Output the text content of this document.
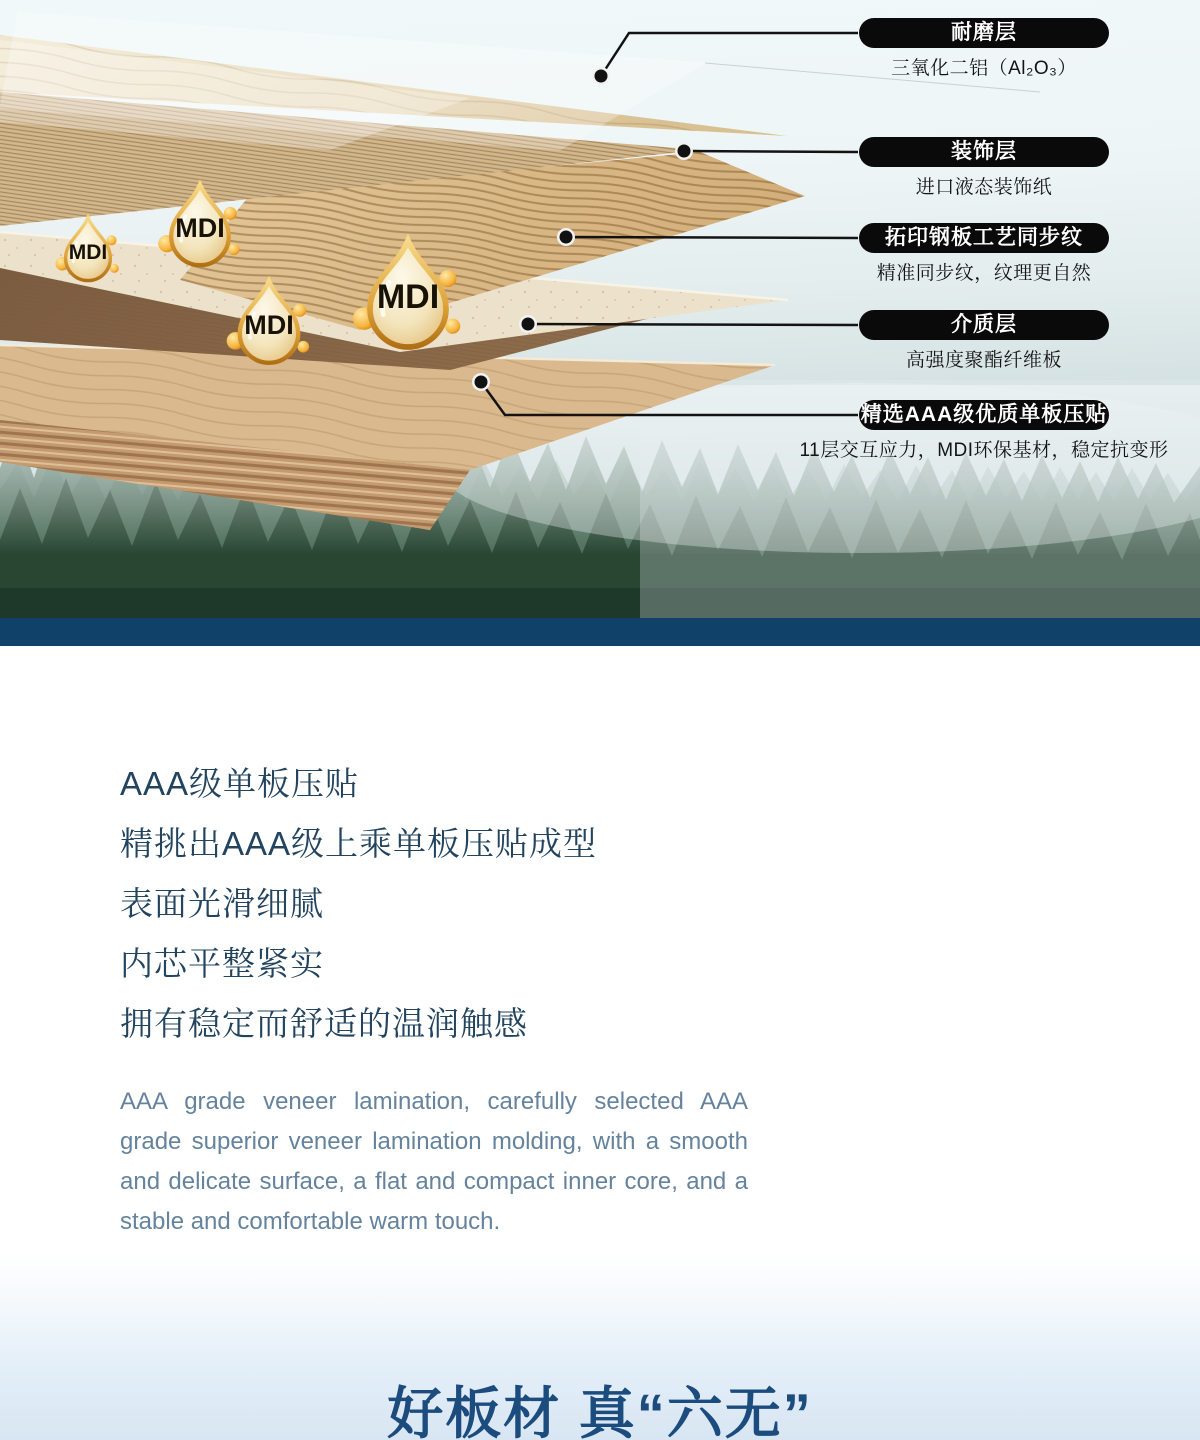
MDI
MDI
MDI
MDI
耐磨层
三氧化二铝（Al₂O₃）
装饰层
进口液态装饰纸
拓印钢板工艺同步纹
精准同步纹，纹理更自然
介质层
高强度聚酯纤维板
精选AAA级优质单板压贴
11层交互应力，MDI环保基材，稳定抗变形

AAA级单板压贴

精挑出AAA级上乘单板压贴成型

表面光滑细腻

内芯平整紧实

拥有稳定而舒适的温润触感

AAA grade veneer lamination, carefully selected AAA grade superior veneer lamination molding, with a smooth and delicate surface, a flat and compact inner core, and a stable and comfortable warm touch.

好板材 真“六无”
